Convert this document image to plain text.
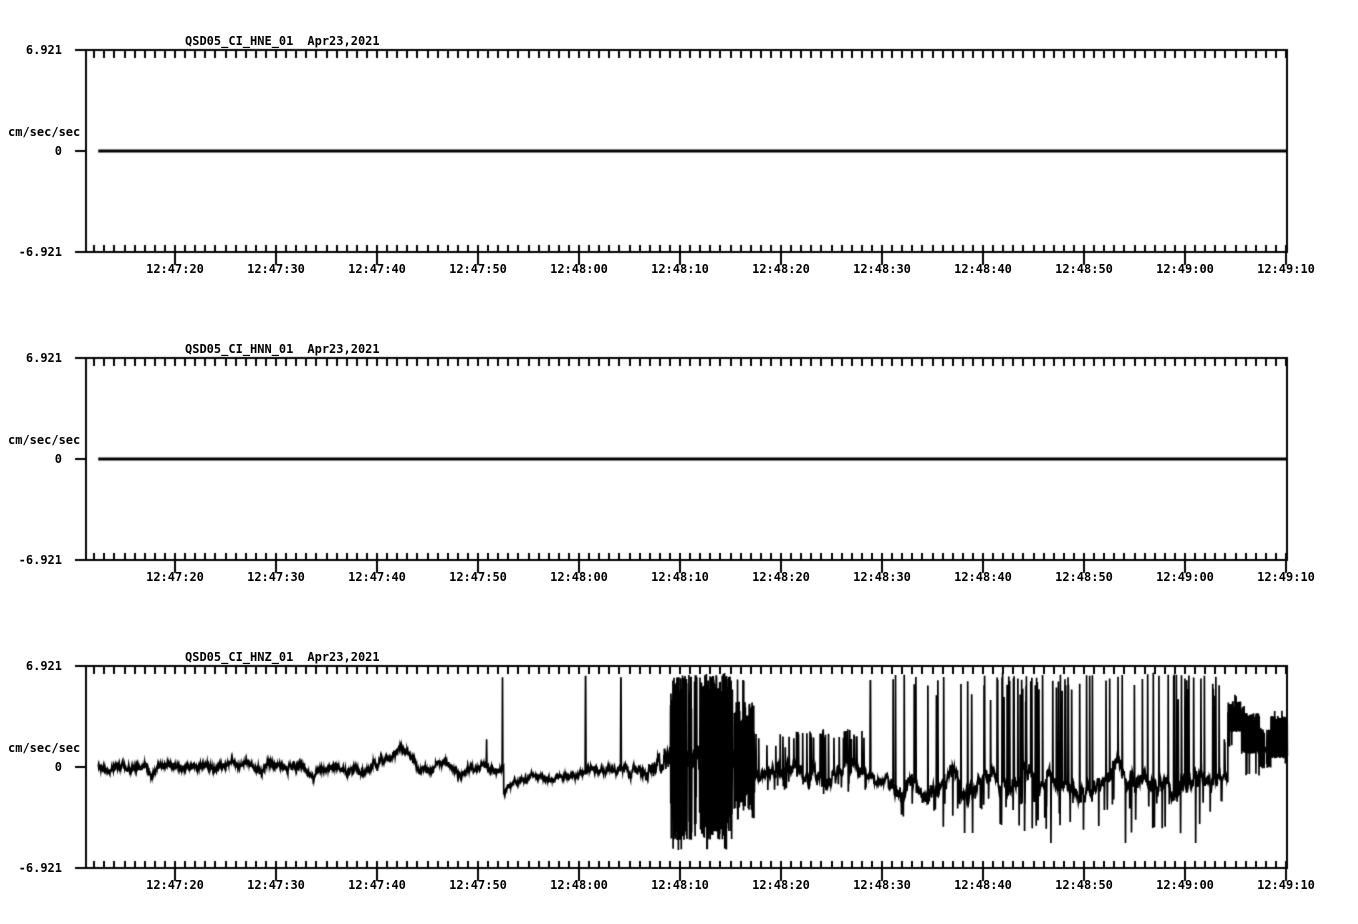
QSD05_CI_HNE_01 Apr23,2021
6.921
cm/sec/sec
0
-6.921
QSD05_CI_HNN_01 Apr23,2021
6.921
cm/sec/sec
0
-6.921
QSD05_CI_HNZ_01 Apr23,2021
6.921
cm/sec/sec
0
-6.921
12:47:20	12:47:30	12:47:40	12:47:50	12:48:00	12:48:10	12:48:20	12:48:30	12:48:40	12:48:50	12:49:00	12:49:10
12:47:20	12:47:30	12:47:40	12:47:50	12:48:00	12:48:10	12:48:20	12:48:30	12:48:40	12:48:50	12:49:00	12:49:10
12:47:20	12:47:30	12:47:40	12:47:50	12:48:00	12:48:10	12:48:20	12:48:30	12:48:40	12:48:50	12:49:00	12:49:10
